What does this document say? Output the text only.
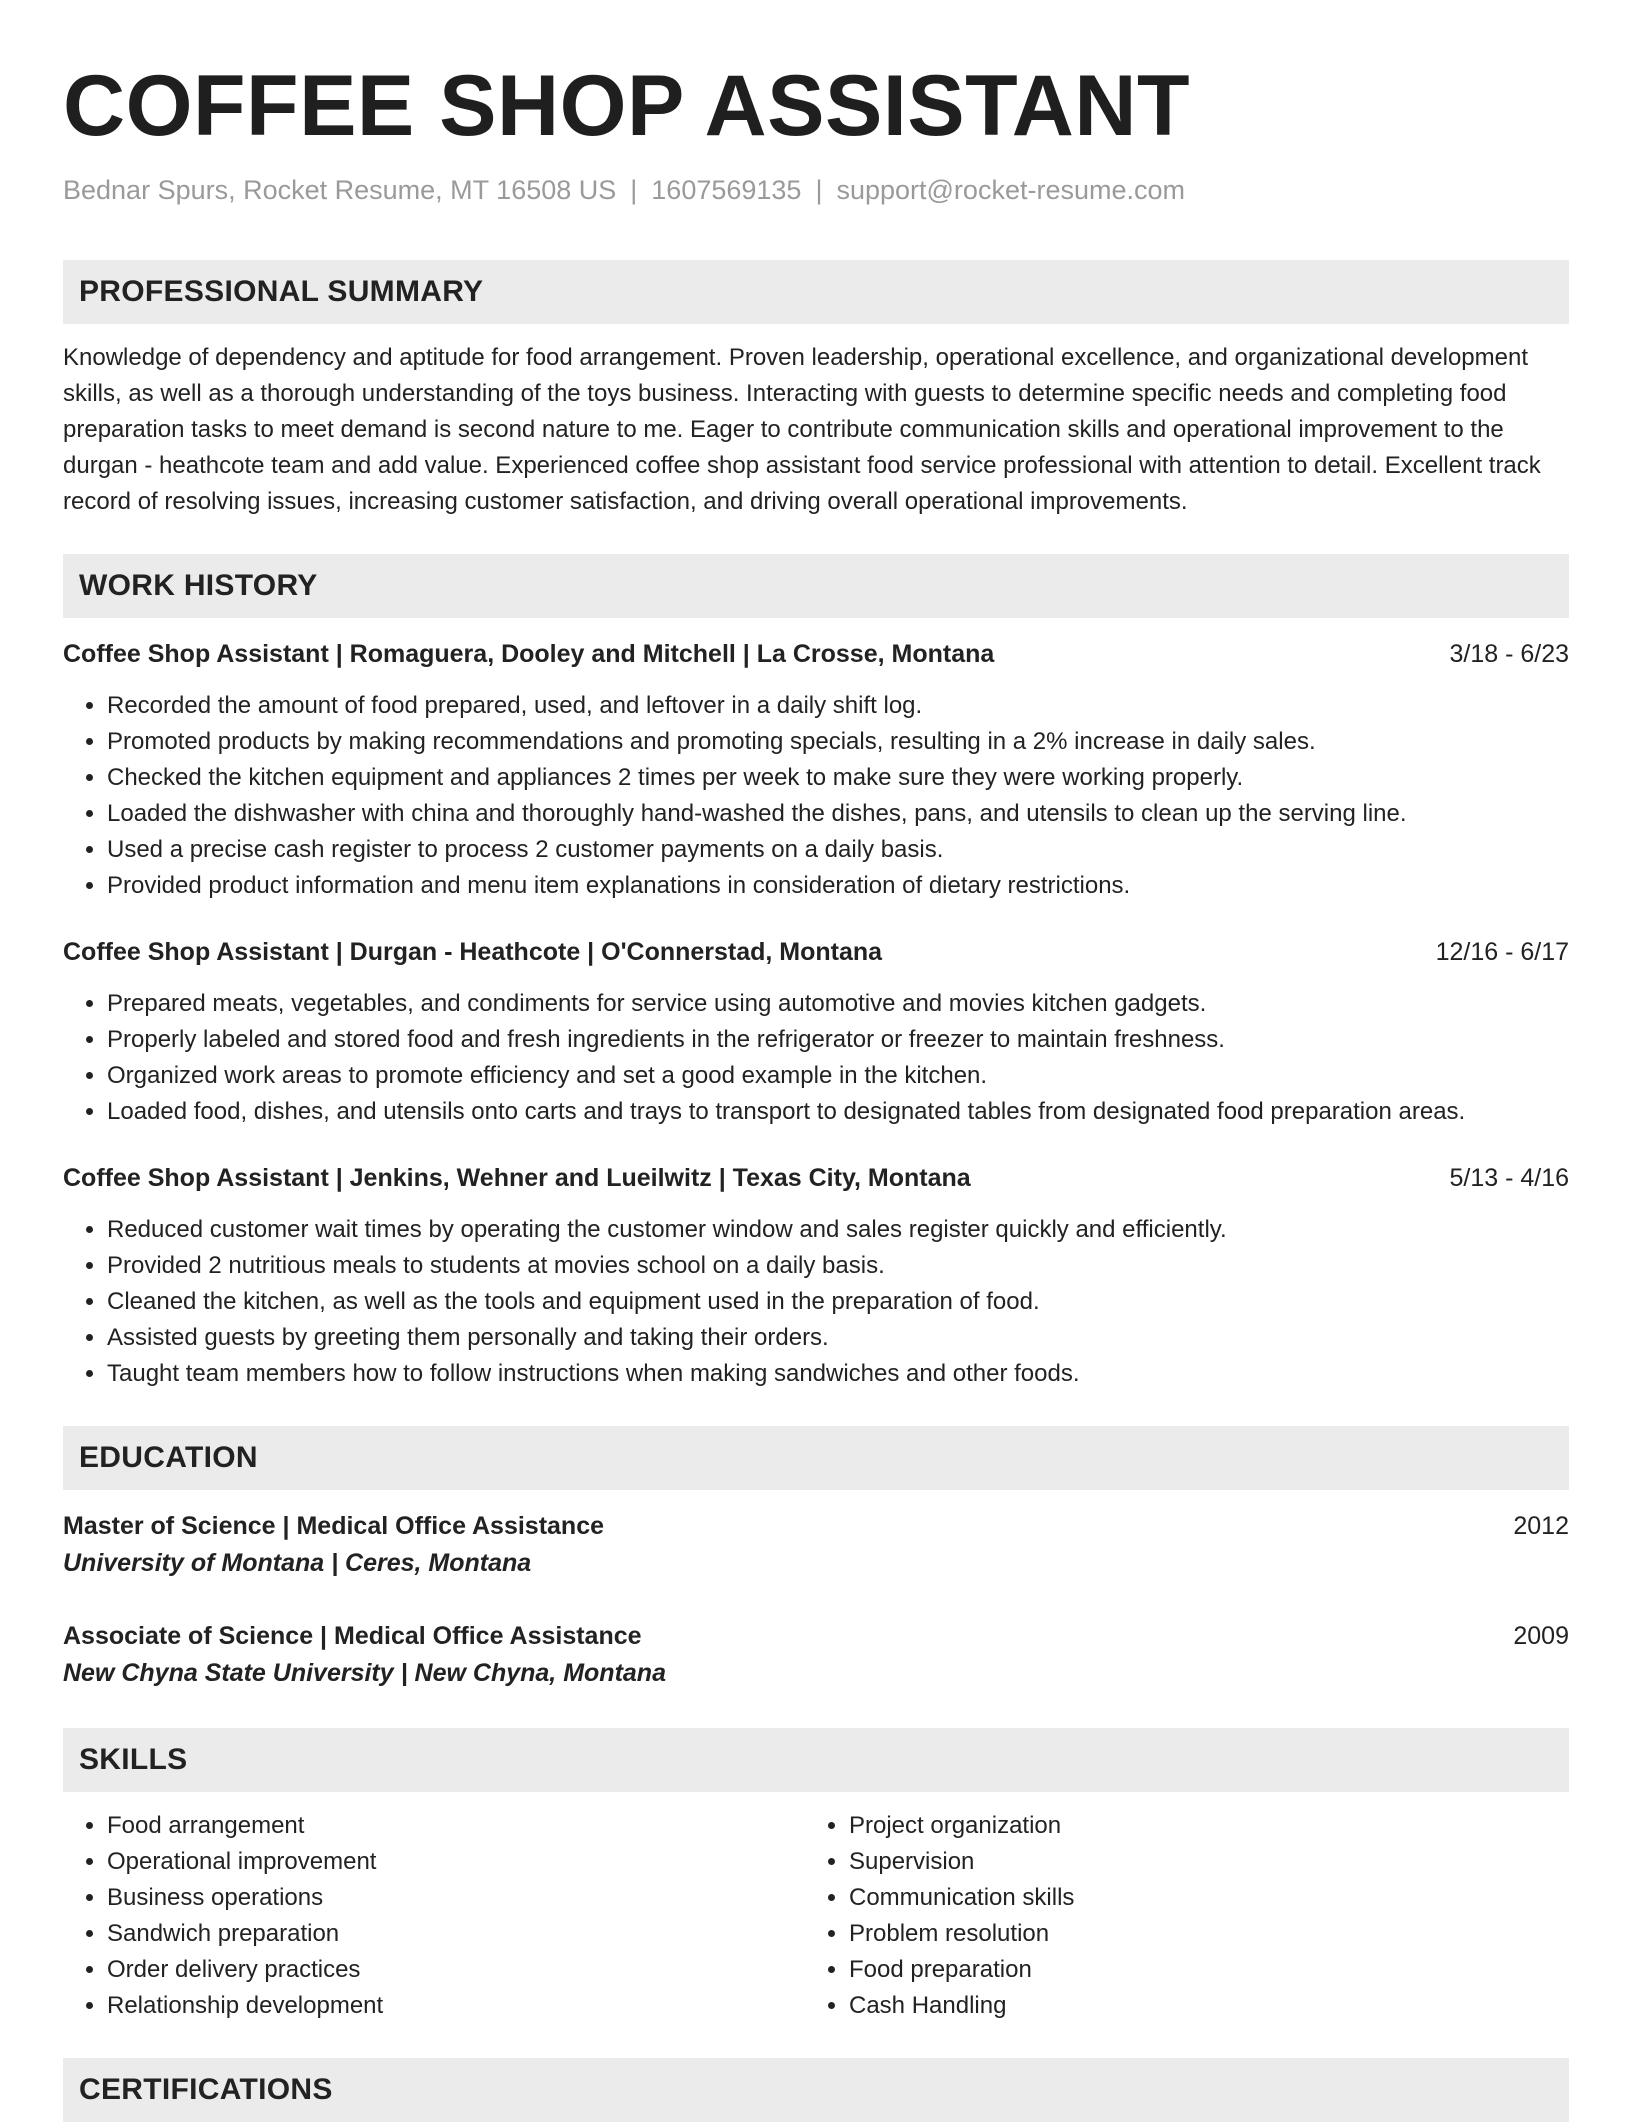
COFFEE SHOP ASSISTANT
Bednar Spurs, Rocket Resume, MT 16508 US | 1607569135 | support@rocket-resume.com
PROFESSIONAL SUMMARY
Knowledge of dependency and aptitude for food arrangement. Proven leadership, operational excellence, and organizational development skills, as well as a thorough understanding of the toys business. Interacting with guests to determine specific needs and completing food preparation tasks to meet demand is second nature to me. Eager to contribute communication skills and operational improvement to the durgan - heathcote team and add value. Experienced coffee shop assistant food service professional with attention to detail. Excellent track record of resolving issues, increasing customer satisfaction, and driving overall operational improvements.
WORK HISTORY
Coffee Shop Assistant | Romaguera, Dooley and Mitchell | La Crosse, Montana	3/18 - 6/23
• Recorded the amount of food prepared, used, and leftover in a daily shift log.
• Promoted products by making recommendations and promoting specials, resulting in a 2% increase in daily sales.
• Checked the kitchen equipment and appliances 2 times per week to make sure they were working properly.
• Loaded the dishwasher with china and thoroughly hand-washed the dishes, pans, and utensils to clean up the serving line.
• Used a precise cash register to process 2 customer payments on a daily basis.
• Provided product information and menu item explanations in consideration of dietary restrictions.
Coffee Shop Assistant | Durgan - Heathcote | O'Connerstad, Montana	12/16 - 6/17
• Prepared meats, vegetables, and condiments for service using automotive and movies kitchen gadgets.
• Properly labeled and stored food and fresh ingredients in the refrigerator or freezer to maintain freshness.
• Organized work areas to promote efficiency and set a good example in the kitchen.
• Loaded food, dishes, and utensils onto carts and trays to transport to designated tables from designated food preparation areas.
Coffee Shop Assistant | Jenkins, Wehner and Lueilwitz | Texas City, Montana	5/13 - 4/16
• Reduced customer wait times by operating the customer window and sales register quickly and efficiently.
• Provided 2 nutritious meals to students at movies school on a daily basis.
• Cleaned the kitchen, as well as the tools and equipment used in the preparation of food.
• Assisted guests by greeting them personally and taking their orders.
• Taught team members how to follow instructions when making sandwiches and other foods.
EDUCATION
Master of Science | Medical Office Assistance	2012
University of Montana | Ceres, Montana
Associate of Science | Medical Office Assistance	2009
New Chyna State University | New Chyna, Montana
SKILLS
• Food arrangement
• Operational improvement
• Business operations
• Sandwich preparation
• Order delivery practices
• Relationship development
• Project organization
• Supervision
• Communication skills
• Problem resolution
• Food preparation
• Cash Handling
CERTIFICATIONS
